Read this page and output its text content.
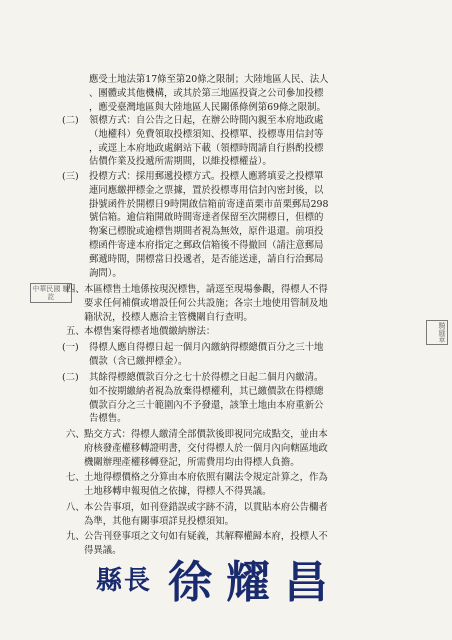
中華民國 驗訖
騎縫章
應受土地法第17條至第20條之限制；大陸地區人民、法人
、團體或其他機構，或其於第三地區投資之公司參加投標
，應受臺灣地區與大陸地區人民關係條例第69條之限制。
(二) 領標方式：自公告之日起，在辦公時間內親至本府地政處
（地權科）免費領取投標須知、投標單、投標專用信封等
，或逕上本府地政處網站下載（領標時間請自行斟酌投標
估價作業及投遞所需期間，以維投標權益）。
(三) 投標方式：採用郵遞投標方式。投標人應將填妥之投標單
連同應繳押標金之票據，置於投標專用信封內密封後，以
掛號函件於開標日9時開啟信箱前寄達苗栗市苗栗郵局298
號信箱。逾信箱開啟時間寄達者保留至次開標日，但標的
物案已標脫或逾標售期間者視為無效，原件退還。前項投
標函件寄達本府指定之郵政信箱後不得撤回（請注意郵局
郵遞時間，開標當日投遞者，是否能送達，請自行洽郵局
詢問）。
四、 本區標售土地係按現況標售，請逕至現場參觀，得標人不得
要求任何補償或增設任何公共設施；各宗土地使用管制及地
籍狀況，投標人應洽主管機關自行查明。
五、 本標售案得標者地價繳納辦法：
(一) 得標人應自得標日起一個月內繳納得標總價百分之三十地
價款（含已繳押標金）。
(二) 其餘得標總價款百分之七十於得標之日起二個月內繳清。
如不按期繳納者視為放棄得標權利，其已繳價款在得標總
價款百分之三十範圍內不予發還，該筆土地由本府重新公
告標售。
六、 點交方式：得標人繳清全部價款後即視同完成點交，並由本
府核發產權移轉證明書，交付得標人於一個月內向轄區地政
機關辦理產權移轉登記，所需費用均由得標人負擔。
七、 土地得標價格之分算由本府依照有關法令規定計算之，作為
土地移轉申報現值之依據，得標人不得異議。
八、 本公告事項，如刊登錯誤或字跡不清，以貫貼本府公告欄者
為準，其他有關事項詳見投標須知。
九、 公告刊登事項之文句如有疑義，其解釋權歸本府，投標人不
得異議。
縣長 徐耀昌
